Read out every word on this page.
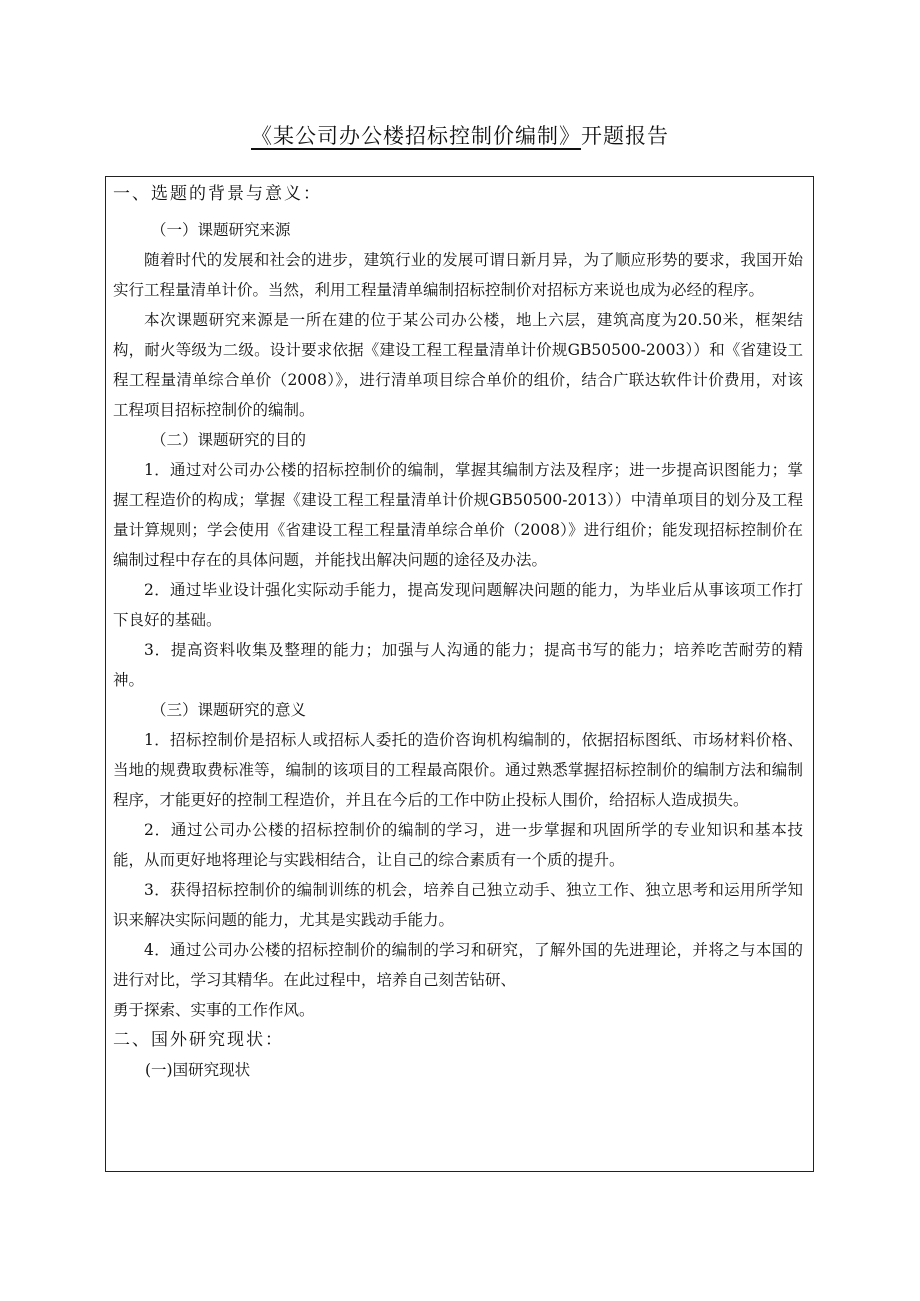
《某公司办公楼招标控制价编制》开题报告
一、选题的背景与意义：
（一）课题研究来源

随着时代的发展和社会的进步，建筑行业的发展可谓日新月异，为了顺应形势的要求，我国开始实行工程量清单计价。当然，利用工程量清单编制招标控制价对招标方来说也成为必经的程序。

本次课题研究来源是一所在建的位于某公司办公楼，地上六层，建筑高度为20.50米，框架结构，耐火等级为二级。设计要求依据《建设工程工程量清单计价规GB50500-2003））和《省建设工程工程量清单综合单价（2008）》，进行清单项目综合单价的组价，结合广联达软件计价费用，对该工程项目招标控制价的编制。

（二）课题研究的目的

1．通过对公司办公楼的招标控制价的编制，掌握其编制方法及程序；进一步提高识图能力；掌握工程造价的构成；掌握《建设工程工程量清单计价规GB50500-2013））中清单项目的划分及工程量计算规则；学会使用《省建设工程工程量清单综合单价（2008）》进行组价；能发现招标控制价在编制过程中存在的具体问题，并能找出解决问题的途径及办法。

2．通过毕业设计强化实际动手能力，提高发现问题解决问题的能力，为毕业后从事该项工作打下良好的基础。

3．提高资料收集及整理的能力；加强与人沟通的能力；提高书写的能力；培养吃苦耐劳的精神。

（三）课题研究的意义

1．招标控制价是招标人或招标人委托的造价咨询机构编制的，依据招标图纸、市场材料价格、当地的规费取费标准等，编制的该项目的工程最高限价。通过熟悉掌握招标控制价的编制方法和编制程序，才能更好的控制工程造价，并且在今后的工作中防止投标人围价，给招标人造成损失。

2．通过公司办公楼的招标控制价的编制的学习，进一步掌握和巩固所学的专业知识和基本技能，从而更好地将理论与实践相结合，让自己的综合素质有一个质的提升。

3．获得招标控制价的编制训练的机会，培养自己独立动手、独立工作、独立思考和运用所学知识来解决实际问题的能力，尤其是实践动手能力。

4．通过公司办公楼的招标控制价的编制的学习和研究，了解外国的先进理论，并将之与本国的进行对比，学习其精华。在此过程中，培养自己刻苦钻研、

勇于探索、实事的工作作风。

二、国外研究现状：
(一)国研究现状
